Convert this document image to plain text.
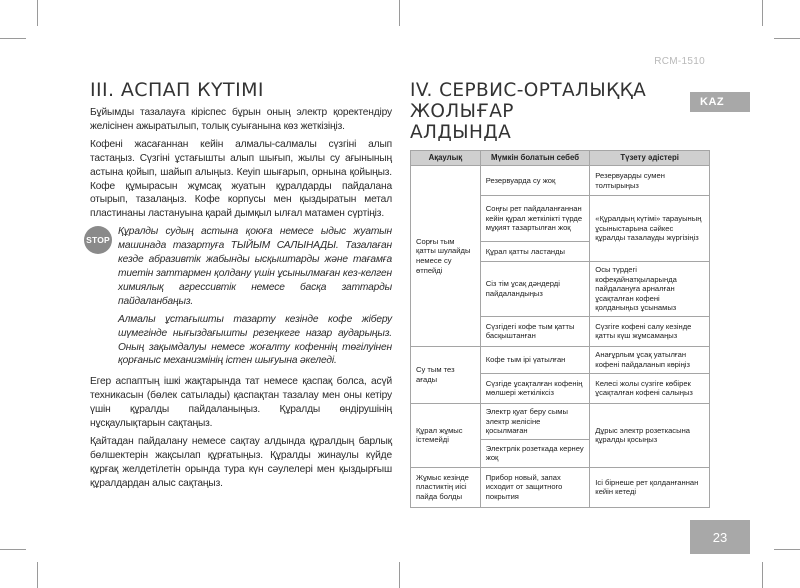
RCM-1510
KAZ
23
III. АСПАП КҮТІМІ

Бұйымды тазалауға кіріспес бұрын оның электр қоректендіру желісінен ажыратылып, толық суығанына көз жеткізіңіз.

Кофені жасағаннан кейін алмалы-салмалы сүзгіні алып тастаңыз. Сүзгіні ұстағышты алып шығып, жылы су ағынының астына қойып, шайып алыңыз. Кеуіп шығарып, орнына қойыңыз. Кофе құмырасын жұмсақ жуатын құралдарды пайдалана отырып, тазалаңыз. Кофе корпусы мен қыздыратын метал пластинаны ластануына қарай дымқыл ылғал матамен сүртіңіз.

STOP

Құралды судың астына қоюға немесе ыдыс жуатын машинада тазартуға ТЫЙЫМ САЛЫНАДЫ. Тазалаған кезде абразивтік жабынды ысқыштарды және тағамға тиетін заттармен қолдану үшін ұсынылмаған кез-келген химиялық агрессивтік немесе басқа заттарды пайдаланбаңыз.

Алмалы ұстағышты тазарту кезінде кофе жіберу шүмегінде нығыздағышты резеңкеге назар аударыңыз. Оның зақымдалуы немесе жоғалту кофеннің төгілуінен қорғаныс механизмінің істен шығуына әкеледі.

Егер аспаптың ішкі жақтарында тат немесе қаспақ болса, асүй техникасын (бөлек сатылады) қаспақтан тазалау мен оны кетіру үшін құралды пайдаланыңыз. Құралды өндірушінің нұсқаулықтарын сақтаңыз.

Қайтадан пайдалану немесе сақтау алдында құралдың барлық бөлшектерін жақсылап құрғатыңыз. Құралды жинаулы күйде құрғақ желдетілетін орында тура күн сәулелері мен қыздырғыш құралдардан алыс сақтаңыз.

IV. СЕРВИС-ОРТАЛЫҚҚА ЖОЛЫҒАР
АЛДЫНДА
Ақаулық	Мүмкін болатын себеб	Түзету әдістері
Сорғы тым қатты шулайды немесе су өтпейді	Резервуарда су жоқ	Резервуарды сумен толтырыңыз
	Соңғы рет пайдаланғаннан кейін құрал жеткілікті түрде мұқият тазартылған жоқ	«Құралдың күтімі» тарауының ұсыныстарына сәйкес құралды тазалауды жүргізіңіз
	Құрал қатты ластанды	
	Сіз тім ұсақ дәндерді пайдаландыңыз	Осы түрдегі кофеқайнатқыларында пайдалануға арналған ұсақталған кофені қолданыңыз ұсынамыз
	Сүзгідегі кофе тым қатты басқыштанған	Сүзгіге кофені салу кезінде қатты күш жұмсамаңыз

Су тым тез ағады	Кофе тым ірі үатылған	Анағұрлым ұсақ уатылған кофені пайдаланып көріңіз
	Сүзгіде ұсақталған кофенің мөлшері жеткіліксіз	Келесі жолы сүзгіге көбірек ұсақталған кофені салыңыз
Құрал жұмыс істемейді	Электр қуат беру сымы электр желісіне қосылмаған	Дұрыс электр розеткасына құралды қосыңыз
	Электрлік розеткада кернеу жоқ	
Жұмыс кезінде пластиктің иісі пайда болды	Прибор новый, запах исходит от защитного покрытия	Ісі бірнеше рет қолданғаннан кейін кетеді
